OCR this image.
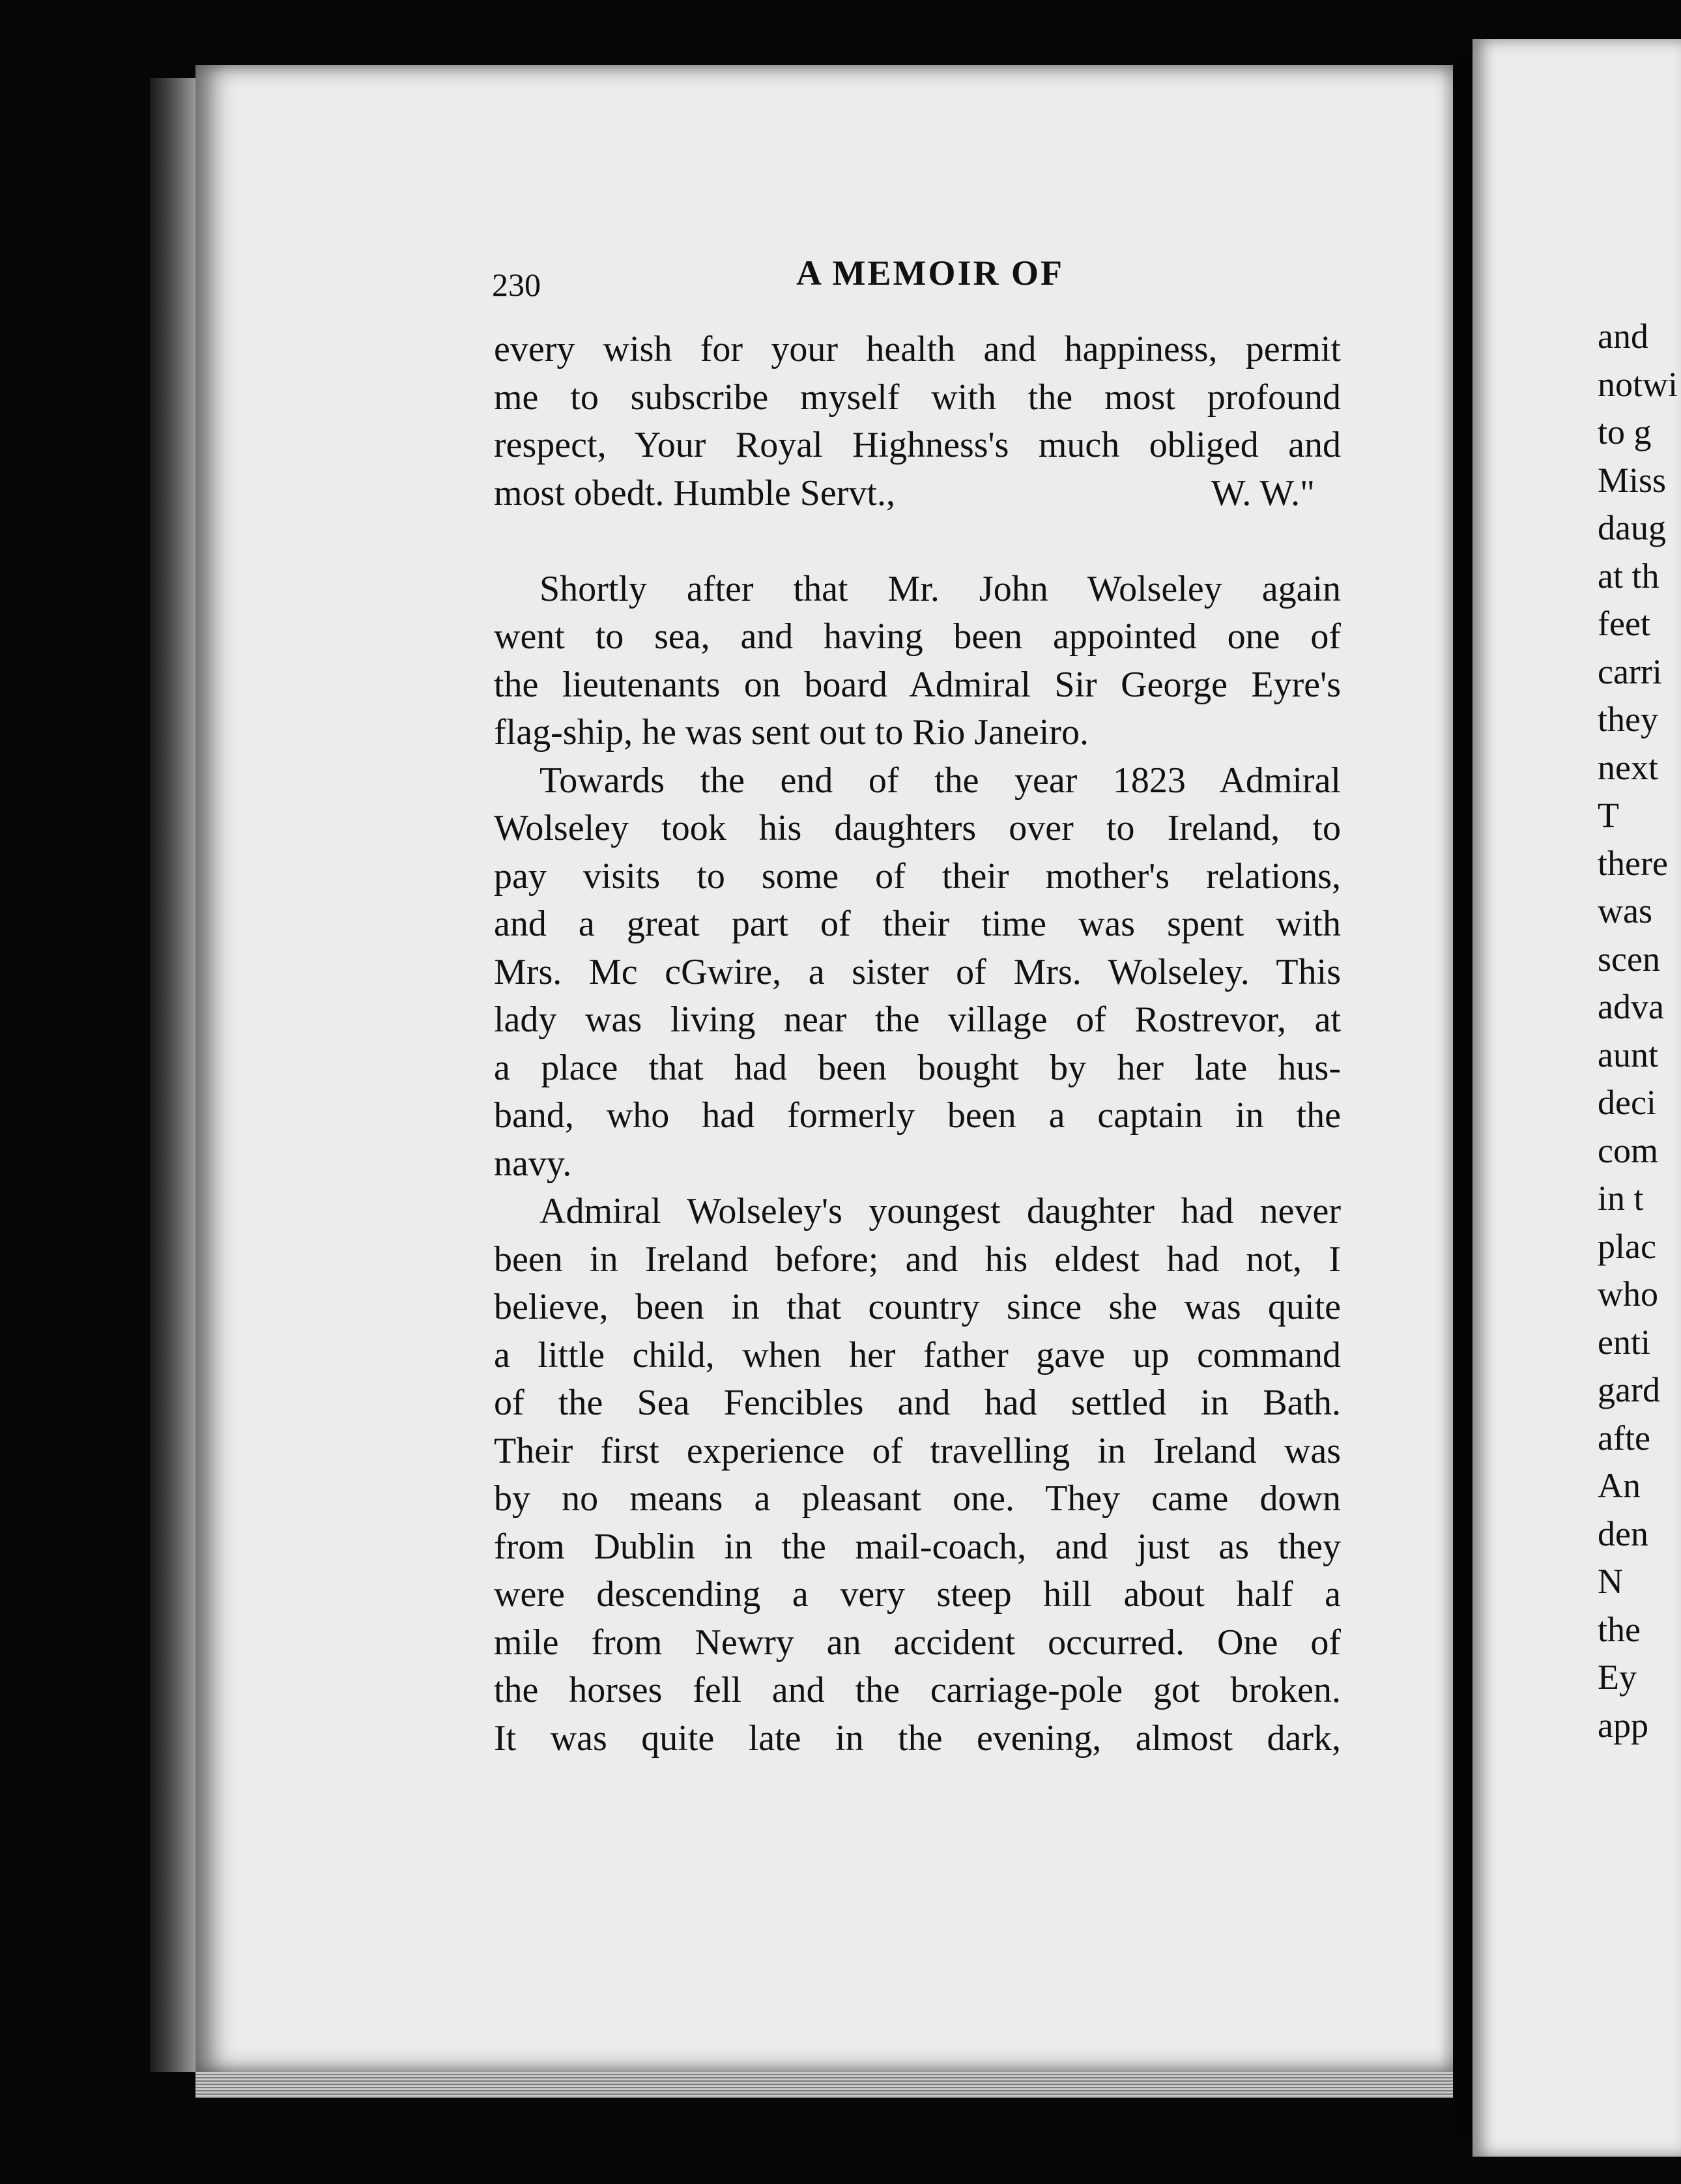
230	A MEMOIR OF
every wish for your health and happiness, permit
me to subscribe myself with the most profound
respect, Your Royal Highness's much obliged and
most obedt. Humble Servt.,	W. W."
Shortly after that Mr. John Wolseley again
went to sea, and having been appointed one of
the lieutenants on board Admiral Sir George Eyre's
flag-ship, he was sent out to Rio Janeiro.
Towards the end of the year 1823 Admiral
Wolseley took his daughters over to Ireland, to
pay visits to some of their mother's relations,
and a great part of their time was spent with
Mrs. Mc cGwire, a sister of Mrs. Wolseley. This
lady was living near the village of Rostrevor, at
a place that had been bought by her late hus-
band, who had formerly been a captain in the
navy.
Admiral Wolseley's youngest daughter had never
been in Ireland before; and his eldest had not, I
believe, been in that country since she was quite
a little child, when her father gave up command
of the Sea Fencibles and had settled in Bath.
Their first experience of travelling in Ireland was
by no means a pleasant one. They came down
from Dublin in the mail-coach, and just as they
were descending a very steep hill about half a
mile from Newry an accident occurred. One of
the horses fell and the carriage-pole got broken.
It was quite late in the evening, almost dark,
and
notwi
to g
Miss
daug
at th
feet
carri
they
next
T
there
was
scen
adva
aunt
deci
com
in t
plac
who
enti
gard
afte
An
den
N
the
Ey
app
